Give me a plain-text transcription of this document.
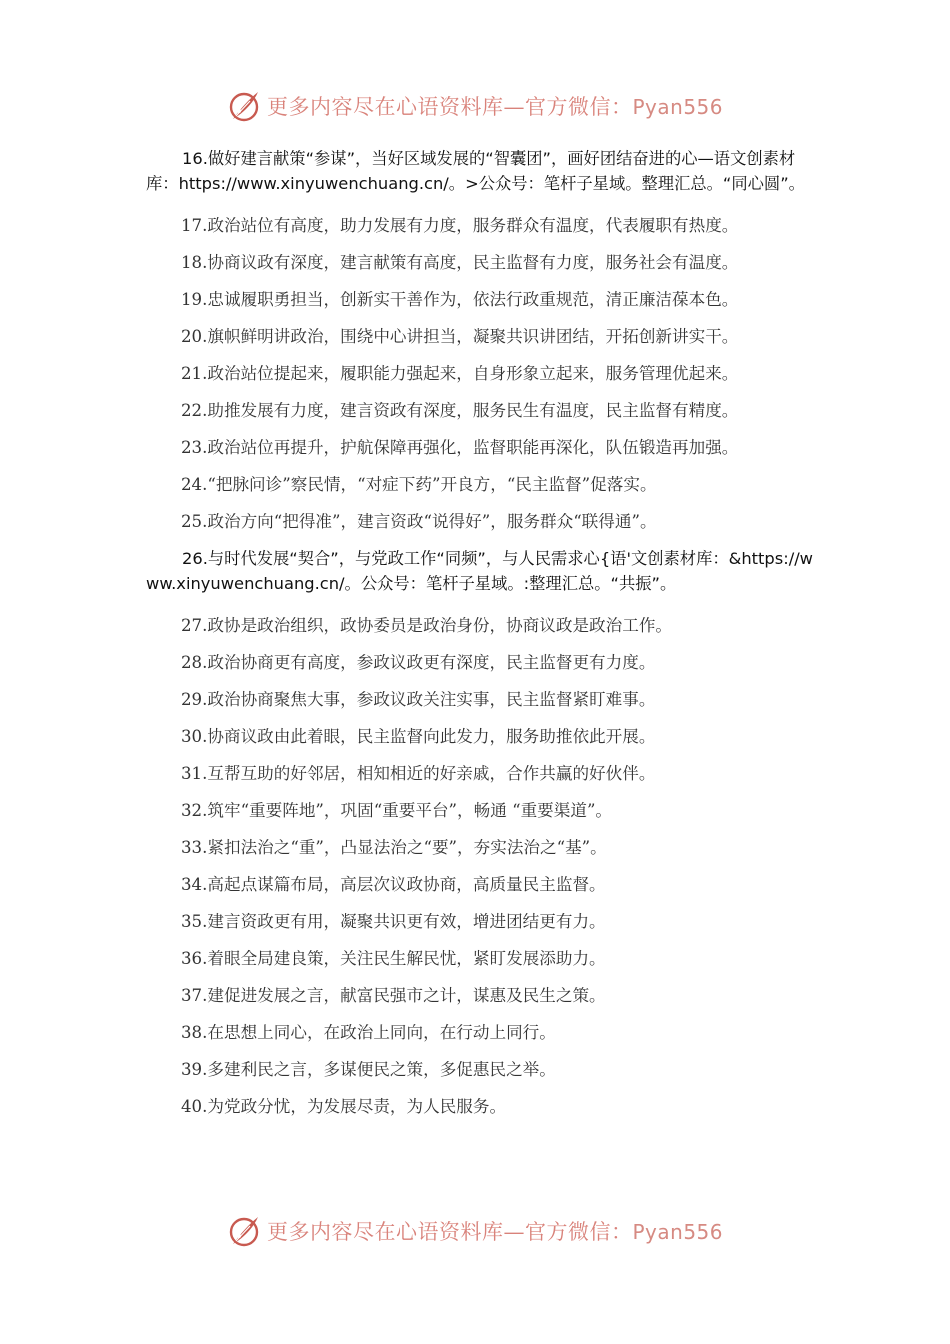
更多内容尽在心语资料库—官方微信：Pyan556

16.做好建言献策“参谋”，当好区域发展的“智囊团”，画好团结奋进的心—语文创素材库：https://www.xinyuwenchuang.cn/。>公众号：笔杆子星域。整理汇总。“同心圆”。

17.政治站位有高度，助力发展有力度，服务群众有温度，代表履职有热度。
18.协商议政有深度，建言献策有高度，民主监督有力度，服务社会有温度。
19.忠诚履职勇担当，创新实干善作为，依法行政重规范，清正廉洁葆本色。
20.旗帜鲜明讲政治，围绕中心讲担当，凝聚共识讲团结，开拓创新讲实干。
21.政治站位提起来，履职能力强起来，自身形象立起来，服务管理优起来。
22.助推发展有力度，建言资政有深度，服务民生有温度，民主监督有精度。
23.政治站位再提升，护航保障再强化，监督职能再深化，队伍锻造再加强。
24.“把脉问诊”察民情，“对症下药”开良方，“民主监督”促落实。
25.政治方向“把得准”，建言资政“说得好”，服务群众“联得通”。

26.与时代发展“契合”，与党政工作“同频”，与人民需求心{语'文创素材库：&https://www.xinyuwenchuang.cn/。公众号：笔杆子星域。:整理汇总。“共振”。

27.政协是政治组织，政协委员是政治身份，协商议政是政治工作。
28.政治协商更有高度，参政议政更有深度，民主监督更有力度。
29.政治协商聚焦大事，参政议政关注实事，民主监督紧盯难事。
30.协商议政由此着眼，民主监督向此发力，服务助推依此开展。
31.互帮互助的好邻居，相知相近的好亲戚，合作共赢的好伙伴。
32.筑牢“重要阵地”，巩固“重要平台”，畅通 “重要渠道”。
33.紧扣法治之“重”，凸显法治之“要”，夯实法治之“基”。
34.高起点谋篇布局，高层次议政协商，高质量民主监督。
35.建言资政更有用，凝聚共识更有效，增进团结更有力。
36.着眼全局建良策，关注民生解民忧，紧盯发展添助力。
37.建促进发展之言，献富民强市之计，谋惠及民生之策。
38.在思想上同心，在政治上同向，在行动上同行。
39.多建利民之言，多谋便民之策，多促惠民之举。
40.为党政分忧，为发展尽责，为人民服务。
更多内容尽在心语资料库—官方微信：Pyan556
